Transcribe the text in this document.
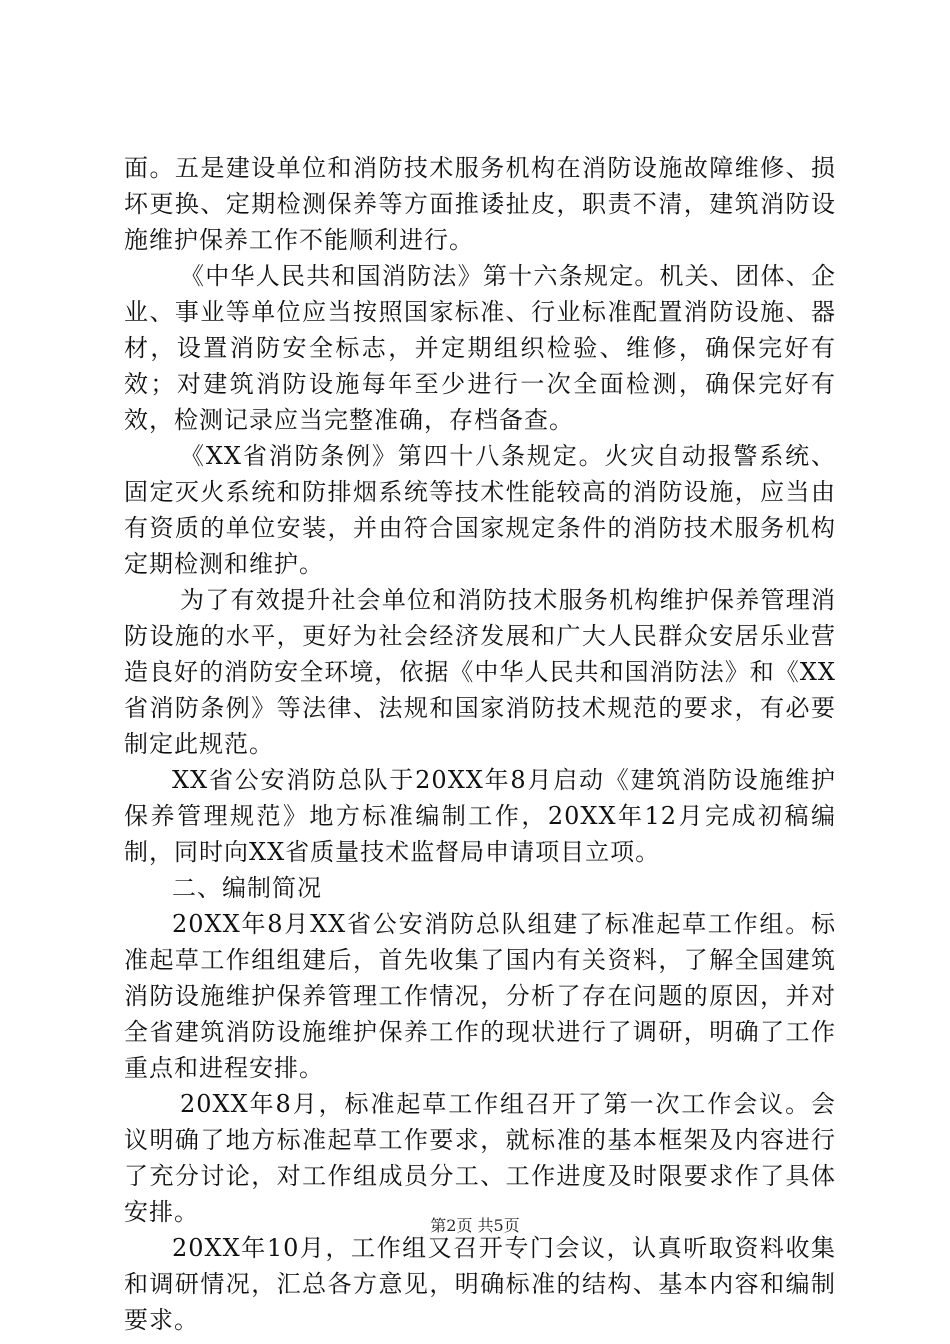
面。五是建设单位和消防技术服务机构在消防设施故障维修、损坏更换、定期检测保养等方面推诿扯皮，职责不清，建筑消防设施维护保养工作不能顺利进行。

《中华人民共和国消防法》第十六条规定。机关、团体、企业、事业等单位应当按照国家标准、行业标准配置消防设施、器材，设置消防安全标志，并定期组织检验、维修，确保完好有效；对建筑消防设施每年至少进行一次全面检测，确保完好有效，检测记录应当完整准确，存档备查。

《XX省消防条例》第四十八条规定。火灾自动报警系统、固定灭火系统和防排烟系统等技术性能较高的消防设施，应当由有资质的单位安装，并由符合国家规定条件的消防技术服务机构定期检测和维护。

为了有效提升社会单位和消防技术服务机构维护保养管理消防设施的水平，更好为社会经济发展和广大人民群众安居乐业营造良好的消防安全环境，依据《中华人民共和国消防法》和《XX省消防条例》等法律、法规和国家消防技术规范的要求，有必要制定此规范。

XX省公安消防总队于20XX年8月启动《建筑消防设施维护保养管理规范》地方标准编制工作，20XX年12月完成初稿编制，同时向XX省质量技术监督局申请项目立项。

二、编制简况

20XX年8月XX省公安消防总队组建了标准起草工作组。标准起草工作组组建后，首先收集了国内有关资料，了解全国建筑消防设施维护保养管理工作情况，分析了存在问题的原因，并对全省建筑消防设施维护保养工作的现状进行了调研，明确了工作重点和进程安排。

20XX年8月，标准起草工作组召开了第一次工作会议。会议明确了地方标准起草工作要求，就标准的基本框架及内容进行了充分讨论，对工作组成员分工、工作进度及时限要求作了具体安排。

20XX年10月，工作组又召开专门会议，认真听取资料收集和调研情况，汇总各方意见，明确标准的结构、基本内容和编制要求。

第2页 共5页
